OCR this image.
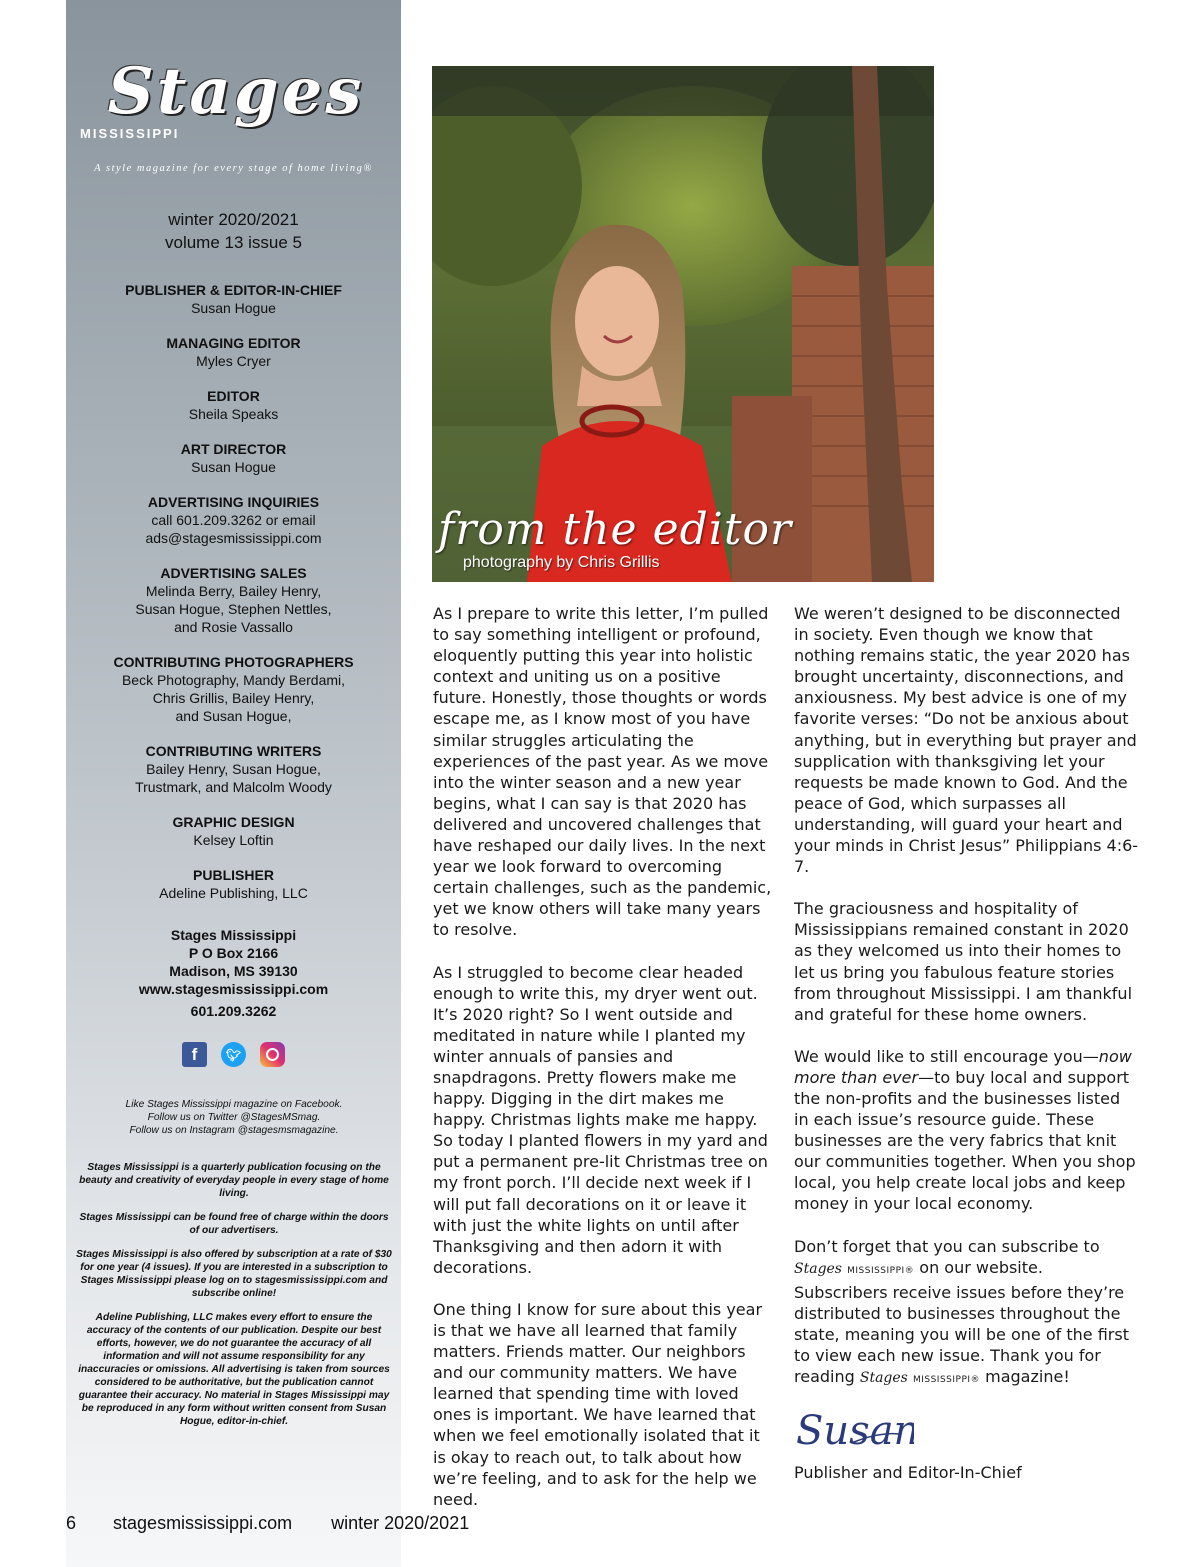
Stages
MISSISSIPPI
A style magazine for every stage of home living®
winter 2020/2021
volume 13 issue 5
PUBLISHER & EDITOR-IN-CHIEF
Susan Hogue
MANAGING EDITOR
Myles Cryer
EDITOR
Sheila Speaks
ART DIRECTOR
Susan Hogue
ADVERTISING INQUIRIES
call 601.209.3262 or email
ads@stagesmississippi.com
ADVERTISING SALES
Melinda Berry, Bailey Henry,
Susan Hogue, Stephen Nettles,
and Rosie Vassallo
CONTRIBUTING PHOTOGRAPHERS
Beck Photography, Mandy Berdami,
Chris Grillis, Bailey Henry,
and Susan Hogue,
CONTRIBUTING WRITERS
Bailey Henry, Susan Hogue,
Trustmark, and Malcolm Woody
GRAPHIC DESIGN
Kelsey Loftin
PUBLISHER
Adeline Publishing, LLC
Stages Mississippi
P O Box 2166
Madison, MS 39130
www.stagesmississippi.com
601.209.3262
f	🐦︎
Like Stages Mississippi magazine on Facebook.
Follow us on Twitter @StagesMSmag.
Follow us on Instagram @stagesmsmagazine.

Stages Mississippi is a quarterly publication focusing on the beauty and creativity of everyday people in every stage of home living.

Stages Mississippi can be found free of charge within the doors of our advertisers.

Stages Mississippi is also offered by subscription at a rate of $30 for one year (4 issues). If you are interested in a subscription to Stages Mississippi please log on to stagesmississippi.com and subscribe online!

Adeline Publishing, LLC makes every effort to ensure the accuracy of the contents of our publication. Despite our best efforts, however, we do not guarantee the accuracy of all information and will not assume responsibility for any inaccuracies or omissions. All advertising is taken from sources considered to be authoritative, but the publication cannot guarantee their accuracy. No material in Stages Mississippi may be reproduced in any form without written consent from Susan Hogue, editor-in-chief.

from the editor
photography by Chris Grillis

As I prepare to write this letter, I’m pulled to say something intelligent or profound, eloquently putting this year into holistic context and uniting us on a positive future. Honestly, those thoughts or words escape me, as I know most of you have similar struggles articulating the experiences of the past year. As we move into the winter season and a new year begins, what I can say is that 2020 has delivered and uncovered challenges that have reshaped our daily lives. In the next year we look forward to overcoming certain challenges, such as the pandemic, yet we know others will take many years to resolve.

As I struggled to become clear headed enough to write this, my dryer went out. It’s 2020 right? So I went outside and meditated in nature while I planted my winter annuals of pansies and snapdragons. Pretty flowers make me happy. Digging in the dirt makes me happy. Christmas lights make me happy. So today I planted flowers in my yard and put a permanent pre-lit Christmas tree on my front porch. I’ll decide next week if I will put fall decorations on it or leave it with just the white lights on until after Thanksgiving and then adorn it with decorations.

One thing I know for sure about this year is that we have all learned that family matters. Friends matter. Our neighbors and our community matters. We have learned that spending time with loved ones is important. We have learned that when we feel emotionally isolated that it is okay to reach out, to talk about how we’re feeling, and to ask for the help we need.

We weren’t designed to be disconnected in society. Even though we know that nothing remains static, the year 2020 has brought uncertainty, disconnections, and anxiousness. My best advice is one of my favorite verses: “Do not be anxious about anything, but in everything but prayer and supplication with thanksgiving let your requests be made known to God. And the peace of God, which surpasses all understanding, will guard your heart and your minds in Christ Jesus” Philippians 4:6-7.

The graciousness and hospitality of Mississippians remained constant in 2020 as they welcomed us into their homes to let us bring you fabulous feature stories from throughout Mississippi. I am thankful and grateful for these home owners.

We would like to still encourage you—now more than ever—to buy local and support the non-profits and the businesses listed in each issue’s resource guide. These businesses are the very fabrics that knit our communities together. When you shop local, you help create local jobs and keep money in your local economy.

Don’t forget that you can subscribe to Stages MISSISSIPPI® on our website. Subscribers receive issues before they’re distributed to businesses throughout the state, meaning you will be one of the first to view each new issue. Thank you for reading Stages MISSISSIPPI® magazine!

Susan
Publisher and Editor-In-Chief
6 stagesmississippi.com winter 2020/2021
